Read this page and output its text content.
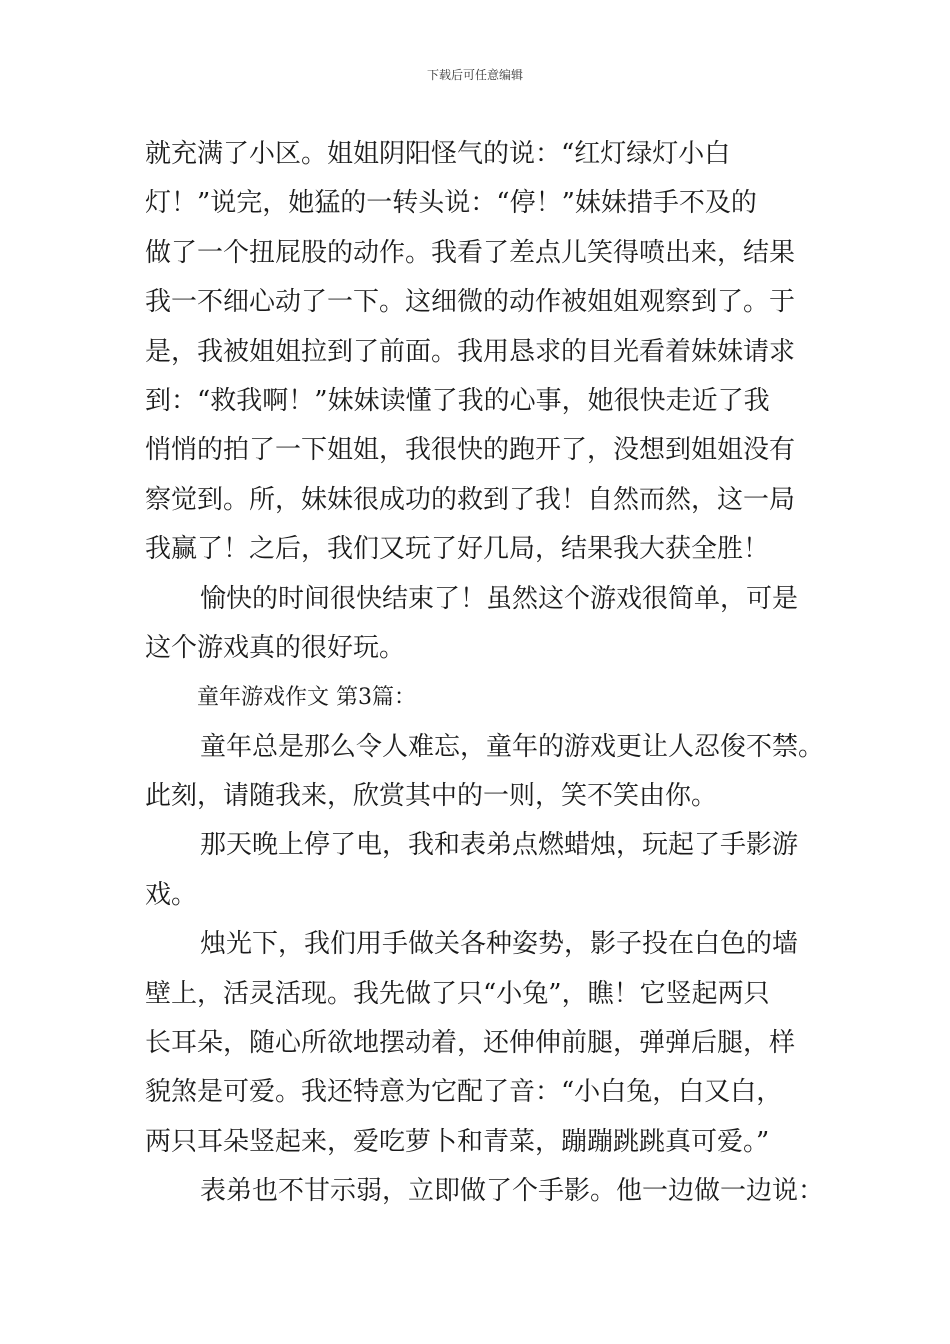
下载后可任意编辑
就充满了小区。姐姐阴阳怪气的说：“红灯绿灯小白
灯！”说完，她猛的一转头说：“停！”妹妹措手不及的
做了一个扭屁股的动作。我看了差点儿笑得喷出来，结果
我一不细心动了一下。这细微的动作被姐姐观察到了。于
是，我被姐姐拉到了前面。我用恳求的目光看着妹妹请求
到：“救我啊！”妹妹读懂了我的心事，她很快走近了我
悄悄的拍了一下姐姐，我很快的跑开了，没想到姐姐没有
察觉到。所，妹妹很成功的救到了我！自然而然，这一局
我赢了！之后，我们又玩了好几局，结果我大获全胜！
愉快的时间很快结束了！虽然这个游戏很简单，可是
这个游戏真的很好玩。
童年游戏作文 第3篇：
童年总是那么令人难忘，童年的游戏更让人忍俊不禁。
此刻，请随我来，欣赏其中的一则，笑不笑由你。
那天晚上停了电，我和表弟点燃蜡烛，玩起了手影游
戏。
烛光下，我们用手做关各种姿势，影子投在白色的墙
壁上，活灵活现。我先做了只“小兔”，瞧！它竖起两只
长耳朵，随心所欲地摆动着，还伸伸前腿，弹弹后腿，样
貌煞是可爱。我还特意为它配了音：“小白兔，白又白，
两只耳朵竖起来，爱吃萝卜和青菜，蹦蹦跳跳真可爱。”
表弟也不甘示弱，立即做了个手影。他一边做一边说：
